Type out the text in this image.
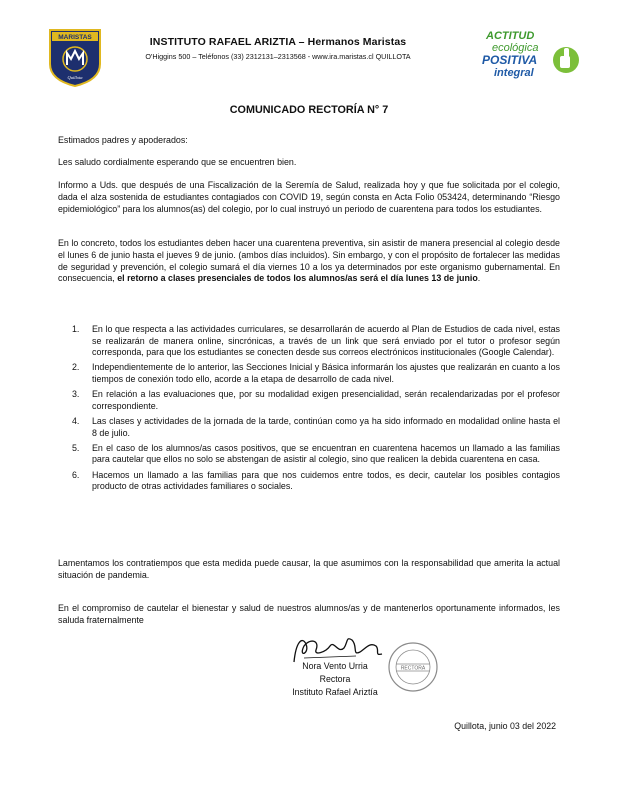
MARISTAS
Quillota
INSTITUTO RAFAEL ARIZTIA – Hermanos Maristas
O'Higgins 500 – Teléfonos (33) 2312131–2313568 - www.ira.maristas.cl QUILLOTA
ACTITUD
ecológica
POSITIVA
integral
COMUNICADO RECTORÍA N° 7

Estimados padres y apoderados:

Les saludo cordialmente esperando que se encuentren bien.

Informo a Uds. que después de una Fiscalización de la Seremía de Salud, realizada hoy y que fue solicitada por el colegio, dada el alza sostenida de estudiantes contagiados con COVID 19, según consta en Acta Folio 053424, determinando “Riesgo epidemiológico” para los alumnos(as) del colegio, por lo cual instruyó un periodo de cuarentena para todos los estudiantes.

En lo concreto, todos los estudiantes deben hacer una cuarentena preventiva, sin asistir de manera presencial al colegio desde el lunes 6 de junio hasta el jueves 9 de junio. (ambos días incluidos). Sin embargo, y con el propósito de fortalecer las medidas de seguridad y prevención, el colegio sumará el día viernes 10 a los ya determinados por este organismo gubernamental. En consecuencia, el retorno a clases presenciales de todos los alumnos/as será el día lunes 13 de junio.

1. En lo que respecta a las actividades curriculares, se desarrollarán de acuerdo al Plan de Estudios de cada nivel, estas se realizarán de manera online, sincrónicas, a través de un link que será enviado por el tutor o profesor según corresponda, para que los estudiantes se conecten desde sus correos electrónicos institucionales (Google Calendar).
2. Independientemente de lo anterior, las Secciones Inicial y Básica informarán los ajustes que realizarán en cuanto a los tiempos de conexión todo ello, acorde a la etapa de desarrollo de cada nivel.
3. En relación a las evaluaciones que, por su modalidad exigen presencialidad, serán recalendarizadas por el profesor correspondiente.
4. Las clases y actividades de la jornada de la tarde, continúan como ya ha sido informado en modalidad online hasta el 8 de julio.
5. En el caso de los alumnos/as casos positivos, que se encuentran en cuarentena hacemos un llamado a las familias para cautelar que ellos no solo se abstengan de asistir al colegio, sino que realicen la debida cuarentena en casa.
6. Hacemos un llamado a las familias para que nos cuidemos entre todos, es decir, cautelar los posibles contagios producto de otras actividades familiares o sociales.

Lamentamos los contratiempos que esta medida puede causar, la que asumimos con la responsabilidad que amerita la actual situación de pandemia.

En el compromiso de cautelar el bienestar y salud de nuestros alumnos/as y de mantenerlos oportunamente informados, les saluda fraternalmente

RECTORA
Nora Vento Urria
Rectora
Instituto Rafael Ariztía
Quillota, junio 03 del 2022
